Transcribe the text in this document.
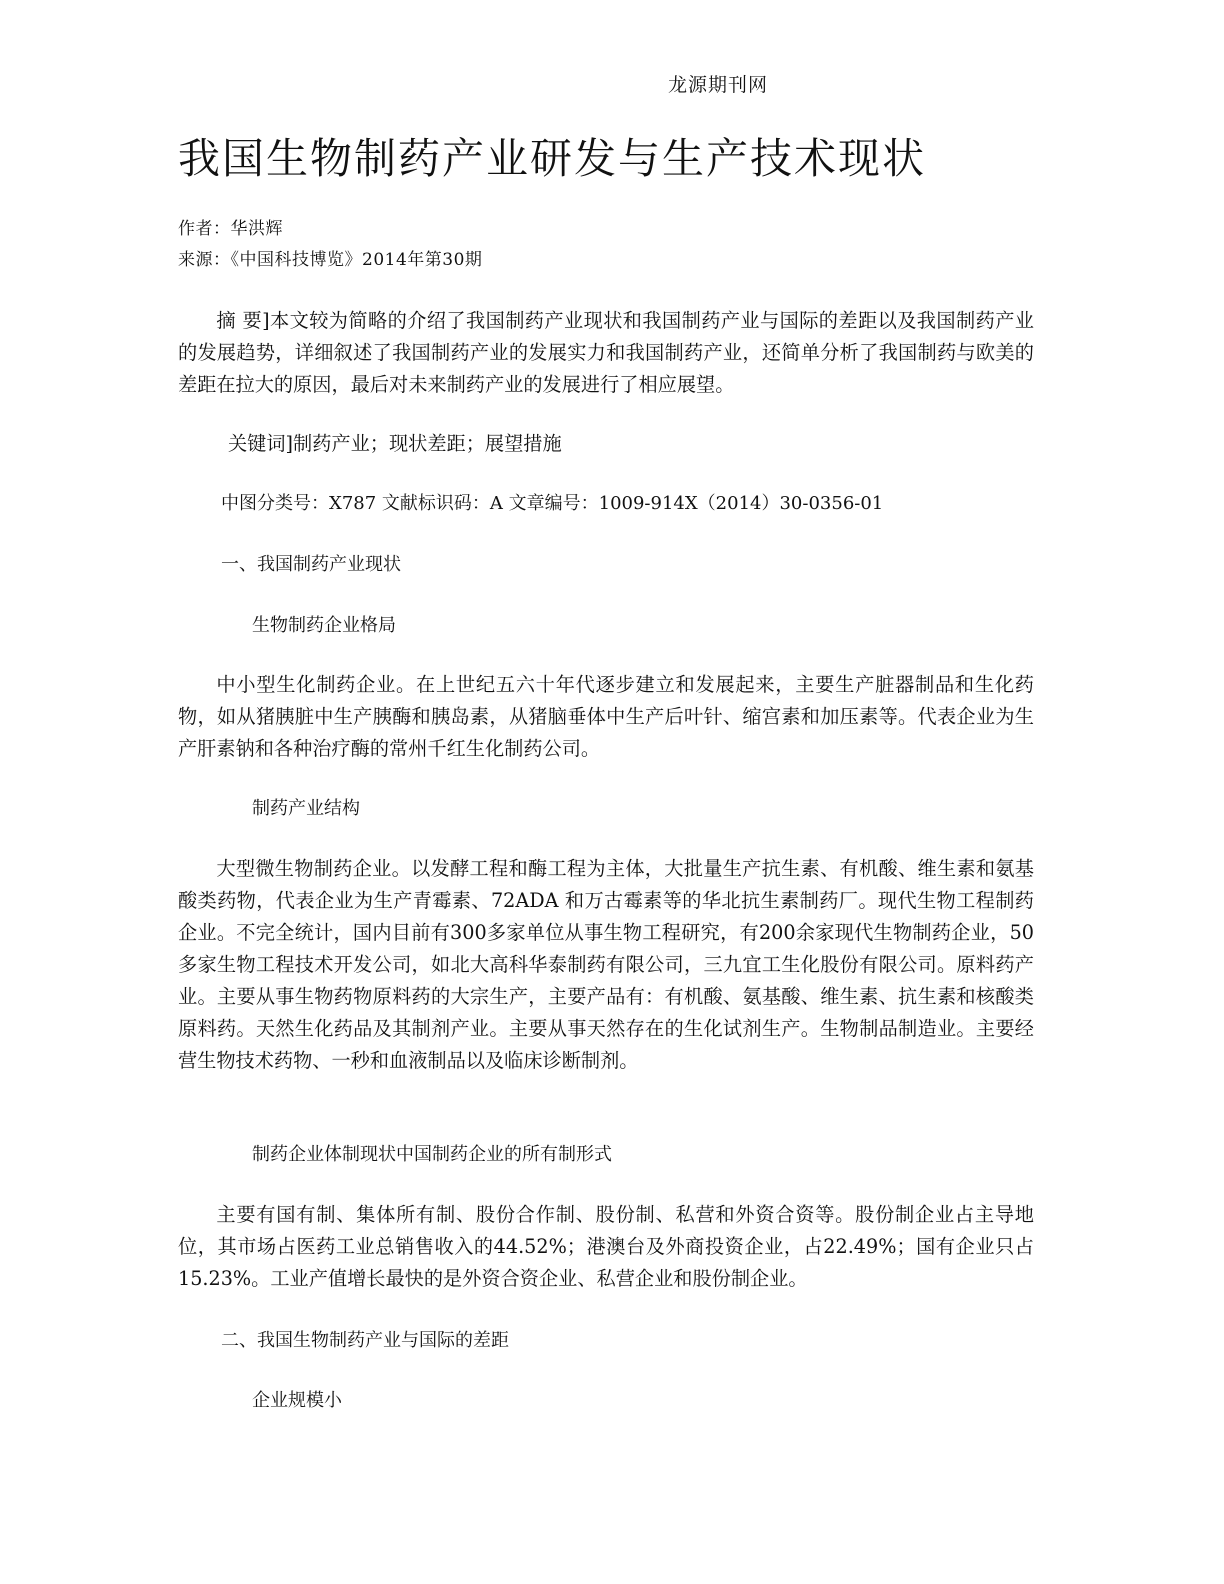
龙源期刊网
我国生物制药产业研发与生产技术现状
作者：华洪辉
来源：《中国科技博览》2014年第30期

摘 要]本文较为简略的介绍了我国制药产业现状和我国制药产业与国际的差距以及我国制药产业的发展趋势，详细叙述了我国制药产业的发展实力和我国制药产业，还简单分析了我国制药与欧美的差距在拉大的原因，最后对未来制药产业的发展进行了相应展望。

关键词]制药产业；现状差距；展望措施

中图分类号：X787 文献标识码：A 文章编号：1009-914X（2014）30-0356-01

一、我国制药产业现状

生物制药企业格局

中小型生化制药企业。在上世纪五六十年代逐步建立和发展起来，主要生产脏器制品和生化药物，如从猪胰脏中生产胰酶和胰岛素，从猪脑垂体中生产后叶针、缩宫素和加压素等。代表企业为生产肝素钠和各种治疗酶的常州千红生化制药公司。

制药产业结构

大型微生物制药企业。以发酵工程和酶工程为主体，大批量生产抗生素、有机酸、维生素和氨基酸类药物，代表企业为生产青霉素、72ADA 和万古霉素等的华北抗生素制药厂。现代生物工程制药企业。不完全统计，国内目前有300多家单位从事生物工程研究，有200余家现代生物制药企业，50多家生物工程技术开发公司，如北大高科华泰制药有限公司，三九宜工生化股份有限公司。原料药产业。主要从事生物药物原料药的大宗生产，主要产品有：有机酸、氨基酸、维生素、抗生素和核酸类原料药。天然生化药品及其制剂产业。主要从事天然存在的生化试剂生产。生物制品制造业。主要经营生物技术药物、一秒和血液制品以及临床诊断制剂。

制药企业体制现状中国制药企业的所有制形式

主要有国有制、集体所有制、股份合作制、股份制、私营和外资合资等。股份制企业占主导地位，其市场占医药工业总销售收入的44.52%；港澳台及外商投资企业，占22.49%；国有企业只占15.23%。工业产值增长最快的是外资合资企业、私营企业和股份制企业。

二、我国生物制药产业与国际的差距

企业规模小
